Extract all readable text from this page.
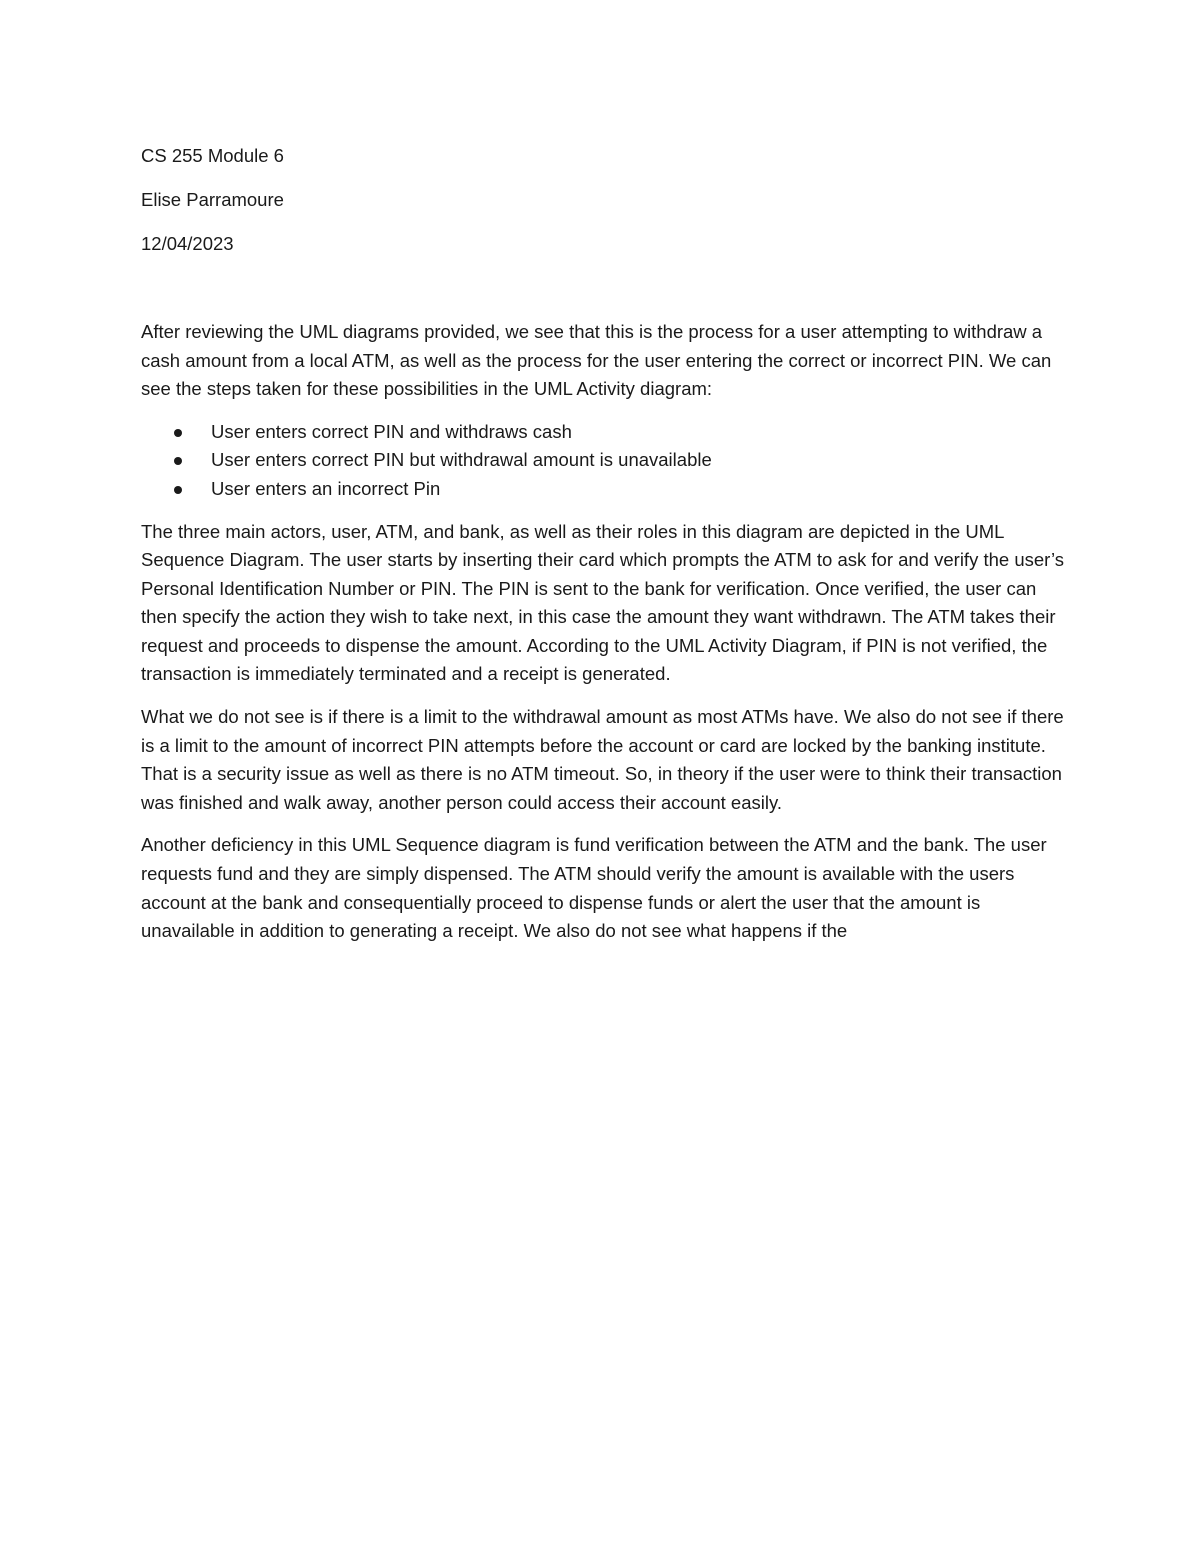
CS 255 Module 6
Elise Parramoure
12/04/2023

After reviewing the UML diagrams provided, we see that this is the process for a user attempting to withdraw a cash amount from a local ATM, as well as the process for the user entering the correct or incorrect PIN. We can see the steps taken for these possibilities in the UML Activity diagram:

User enters correct PIN and withdraws cash
User enters correct PIN but withdrawal amount is unavailable
User enters an incorrect Pin

The three main actors, user, ATM, and bank, as well as their roles in this diagram are depicted in the UML Sequence Diagram. The user starts by inserting their card which prompts the ATM to ask for and verify the user’s Personal Identification Number or PIN. The PIN is sent to the bank for verification. Once verified, the user can then specify the action they wish to take next, in this case the amount they want withdrawn. The ATM takes their request and proceeds to dispense the amount. According to the UML Activity Diagram, if PIN is not verified, the transaction is immediately terminated and a receipt is generated.

What we do not see is if there is a limit to the withdrawal amount as most ATMs have. We also do not see if there is a limit to the amount of incorrect PIN attempts before the account or card are locked by the banking institute. That is a security issue as well as there is no ATM timeout. So, in theory if the user were to think their transaction was finished and walk away, another person could access their account easily.

Another deficiency in this UML Sequence diagram is fund verification between the ATM and the bank. The user requests fund and they are simply dispensed. The ATM should verify the amount is available with the users account at the bank and consequentially proceed to dispense funds or alert the user that the amount is unavailable in addition to generating a receipt. We also do not see what happens if the
